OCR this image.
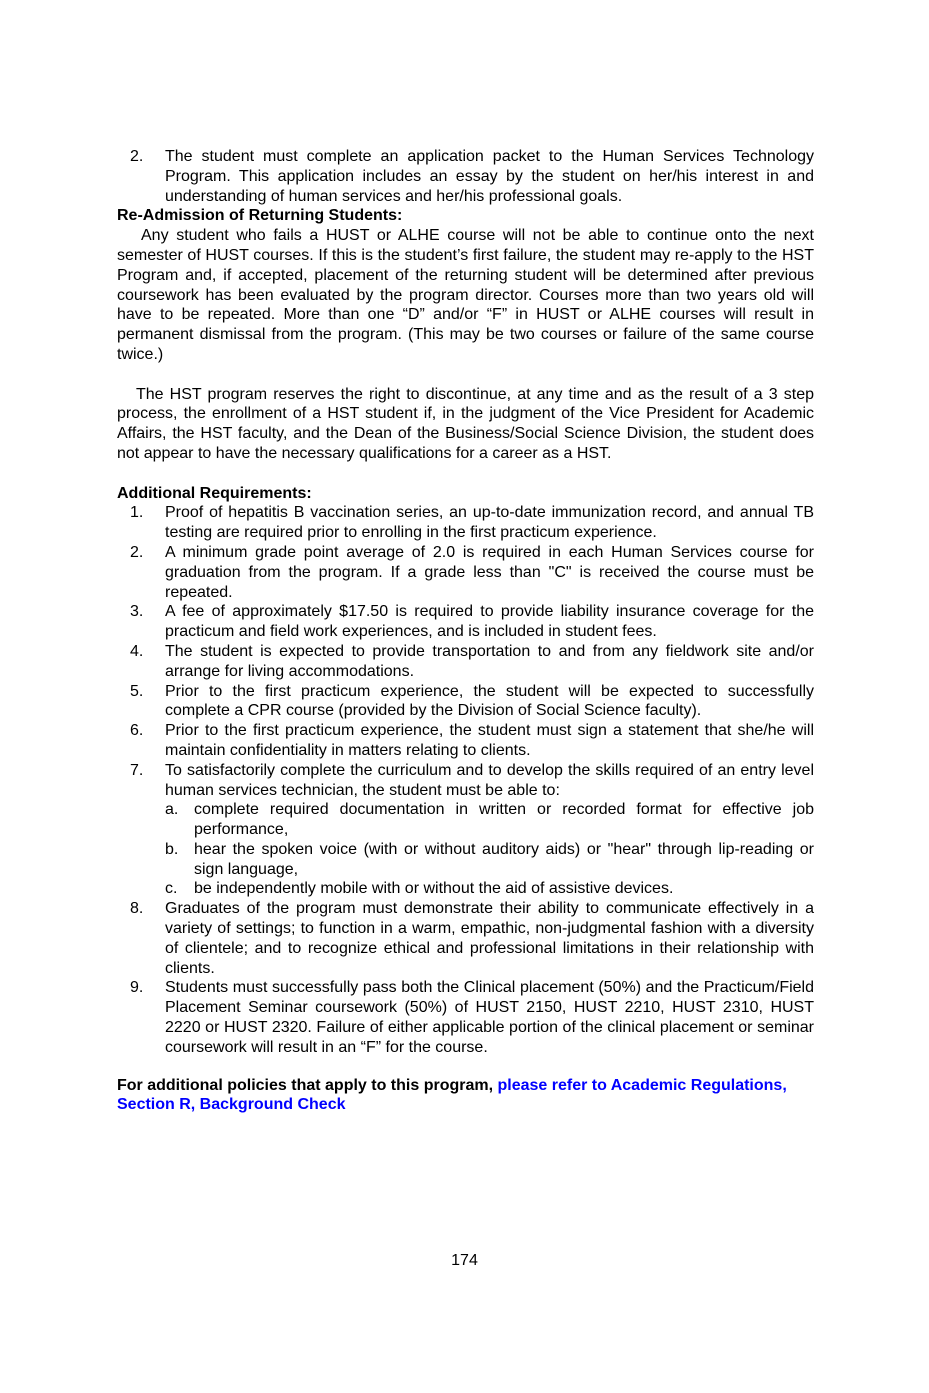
2. The student must complete an application packet to the Human Services Technology Program. This application includes an essay by the student on her/his interest in and understanding of human services and her/his professional goals.
Re-Admission of Returning Students:
Any student who fails a HUST or ALHE course will not be able to continue onto the next semester of HUST courses. If this is the student’s first failure, the student may re-apply to the HST Program and, if accepted, placement of the returning student will be determined after previous coursework has been evaluated by the program director. Courses more than two years old will have to be repeated. More than one “D” and/or “F” in HUST or ALHE courses will result in permanent dismissal from the program. (This may be two courses or failure of the same course twice.)
The HST program reserves the right to discontinue, at any time and as the result of a 3 step process, the enrollment of a HST student if, in the judgment of the Vice President for Academic Affairs, the HST faculty, and the Dean of the Business/Social Science Division, the student does not appear to have the necessary qualifications for a career as a HST.
Additional Requirements:
1. Proof of hepatitis B vaccination series, an up-to-date immunization record, and annual TB testing are required prior to enrolling in the first practicum experience.
2. A minimum grade point average of 2.0 is required in each Human Services course for graduation from the program. If a grade less than "C" is received the course must be repeated.
3. A fee of approximately $17.50 is required to provide liability insurance coverage for the practicum and field work experiences, and is included in student fees.
4. The student is expected to provide transportation to and from any fieldwork site and/or arrange for living accommodations.
5. Prior to the first practicum experience, the student will be expected to successfully complete a CPR course (provided by the Division of Social Science faculty).
6. Prior to the first practicum experience, the student must sign a statement that she/he will maintain confidentiality in matters relating to clients.
7. To satisfactorily complete the curriculum and to develop the skills required of an entry level human services technician, the student must be able to:
a. complete required documentation in written or recorded format for effective job performance,
b. hear the spoken voice (with or without auditory aids) or "hear" through lip-reading or sign language,
c. be independently mobile with or without the aid of assistive devices.
8. Graduates of the program must demonstrate their ability to communicate effectively in a variety of settings; to function in a warm, empathic, non-judgmental fashion with a diversity of clientele; and to recognize ethical and professional limitations in their relationship with clients.
9. Students must successfully pass both the Clinical placement (50%) and the Practicum/Field Placement Seminar coursework (50%) of HUST 2150, HUST 2210, HUST 2310, HUST 2220 or HUST 2320. Failure of either applicable portion of the clinical placement or seminar coursework will result in an “F” for the course.
For additional policies that apply to this program, please refer to Academic Regulations, Section R, Background Check
174
